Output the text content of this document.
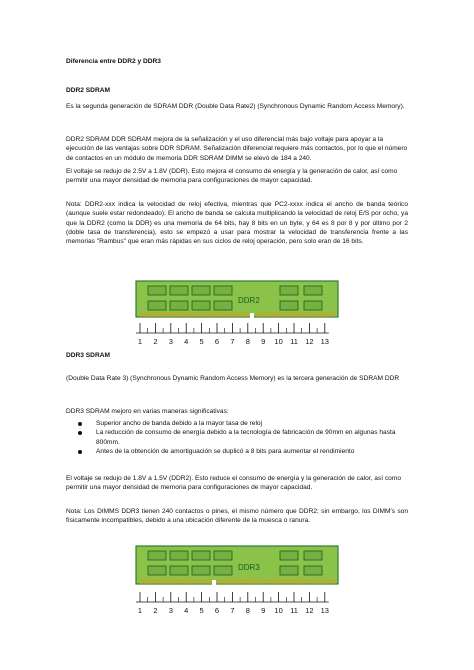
Diferencia entre DDR2 y DDR3

DDR2 SDRAM

Es la segunda generación de SDRAM DDR (Double Data Rate2) (Synchronous Dynamic Random Access Memory).

DDR2 SDRAM DDR SDRAM mejora de la señalización y el uso diferencial más bajo voltaje para apoyar a la ejecución de las ventajas sobre DDR SDRAM. Señalización diferencial requiere más contactos, por lo que el número de contactos en un módulo de memoria DDR SDRAM DIMM se elevó de 184 a 240.

El voltaje se redujo de 2.5V a 1.8V (DDR). Esto mejora el consumo de energía y la generación de calor, así como permitir una mayor densidad de memoria para configuraciones de mayor capacidad.

Nota: DDR2-xxx indica la velocidad de reloj efectiva, mientras que PC2-xxxx indica el ancho de banda teórico (aunque suele estar redondeado). El ancho de banda se calcula multiplicando la velocidad de reloj E/S por ocho, ya que la DDR2 (como la DDR) es una memoria de 64 bits, hay 8 bits en un byte, y 64 es 8 por 8 y por último por 2 (doble tasa de transferencia), esto se empezó a usar para mostrar la velocidad de transferencia frente a las memorias "Rambus" que eran más rápidas en sus ciclos de reloj operación, pero solo eran de 16 bits.

DDR2
1 2 3 4 5 6 7 8 9 10 11 12 13

DDR3 SDRAM

(Double Data Rate 3) (Synchronous Dynamic Random Access Memory) es la tercera generación de SDRAM DDR

DDR3 SDRAM mejoro en varias maneras significativas:

Superior ancho de banda debido a la mayor tasa de reloj
La reducción de consumo de energía debido a la tecnología de fabricación de 90mm en algunas hasta 800mm.
Antes de la obtención de amortiguación se duplicó a 8 bits para aumentar el rendimiento

El voltaje se redujo de 1.8V a 1.5V (DDR2). Esto reduce el consumo de energía y la generación de calor, así como permitir una mayor densidad de memoria para configuraciones de mayor capacidad.

Nota: Los DIMMS DDR3 tienen 240 contactos o pines, el mismo número que DDR2; sin embargo, los DIMM's son físicamente incompatibles, debido a una ubicación diferente de la muesca o ranura.

DDR3
1 2 3 4 5 6 7 8 9 10 11 12 13
